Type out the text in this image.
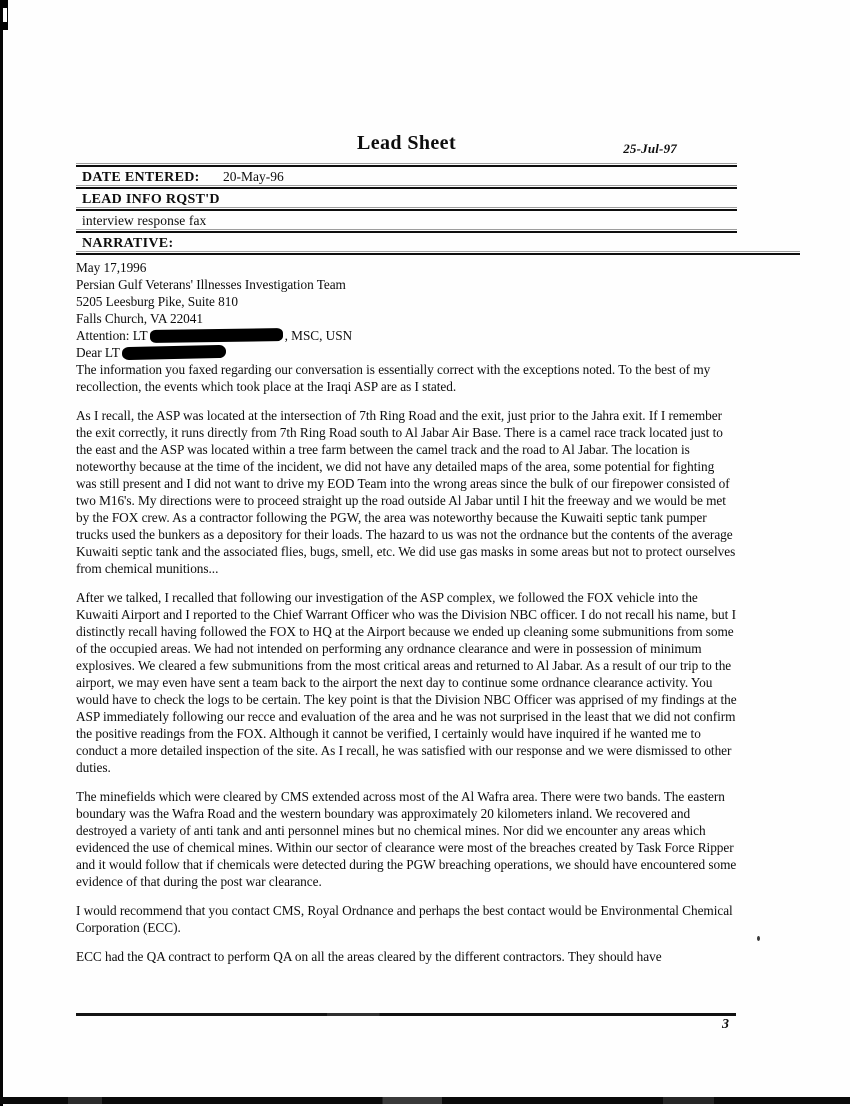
Lead Sheet	25-Jul-97
DATE ENTERED: 20-May-96
LEAD INFO RQST'D
interview response fax
NARRATIVE:
May 17,1996
Persian Gulf Veterans' Illnesses Investigation Team
5205 Leesburg Pike, Suite 810
Falls Church, VA 22041
Attention: LT	, MSC, USN
Dear LT

The information you faxed regarding our conversation is essentially correct with the exceptions noted. To the best of my recollection, the events which took place at the Iraqi ASP are as I stated.

As I recall, the ASP was located at the intersection of 7th Ring Road and the exit, just prior to the Jahra exit. If I remember the exit correctly, it runs directly from 7th Ring Road south to Al Jabar Air Base. There is a camel race track located just to the east and the ASP was located within a tree farm between the camel track and the road to Al Jabar. The location is noteworthy because at the time of the incident, we did not have any detailed maps of the area, some potential for fighting was still present and I did not want to drive my EOD Team into the wrong areas since the bulk of our firepower consisted of two M16's. My directions were to proceed straight up the road outside Al Jabar until I hit the freeway and we would be met by the FOX crew. As a contractor following the PGW, the area was noteworthy because the Kuwaiti septic tank pumper trucks used the bunkers as a depository for their loads. The hazard to us was not the ordnance but the contents of the average Kuwaiti septic tank and the associated flies, bugs, smell, etc. We did use gas masks in some areas but not to protect ourselves from chemical munitions...

After we talked, I recalled that following our investigation of the ASP complex, we followed the FOX vehicle into the Kuwaiti Airport and I reported to the Chief Warrant Officer who was the Division NBC officer. I do not recall his name, but I distinctly recall having followed the FOX to HQ at the Airport because we ended up cleaning some submunitions from some of the occupied areas. We had not intended on performing any ordnance clearance and were in possession of minimum explosives. We cleared a few submunitions from the most critical areas and returned to Al Jabar. As a result of our trip to the airport, we may even have sent a team back to the airport the next day to continue some ordnance clearance activity. You would have to check the logs to be certain. The key point is that the Division NBC Officer was apprised of my findings at the ASP immediately following our recce and evaluation of the area and he was not surprised in the least that we did not confirm the positive readings from the FOX. Although it cannot be verified, I certainly would have inquired if he wanted me to conduct a more detailed inspection of the site. As I recall, he was satisfied with our response and we were dismissed to other duties.

The minefields which were cleared by CMS extended across most of the Al Wafra area. There were two bands. The eastern boundary was the Wafra Road and the western boundary was approximately 20 kilometers inland. We recovered and destroyed a variety of anti tank and anti personnel mines but no chemical mines. Nor did we encounter any areas which evidenced the use of chemical mines. Within our sector of clearance were most of the breaches created by Task Force Ripper and it would follow that if chemicals were detected during the PGW breaching operations, we should have encountered some evidence of that during the post war clearance.

I would recommend that you contact CMS, Royal Ordnance and perhaps the best contact would be Environmental Chemical Corporation (ECC).

ECC had the QA contract to perform QA on all the areas cleared by the different contractors. They should have

3
